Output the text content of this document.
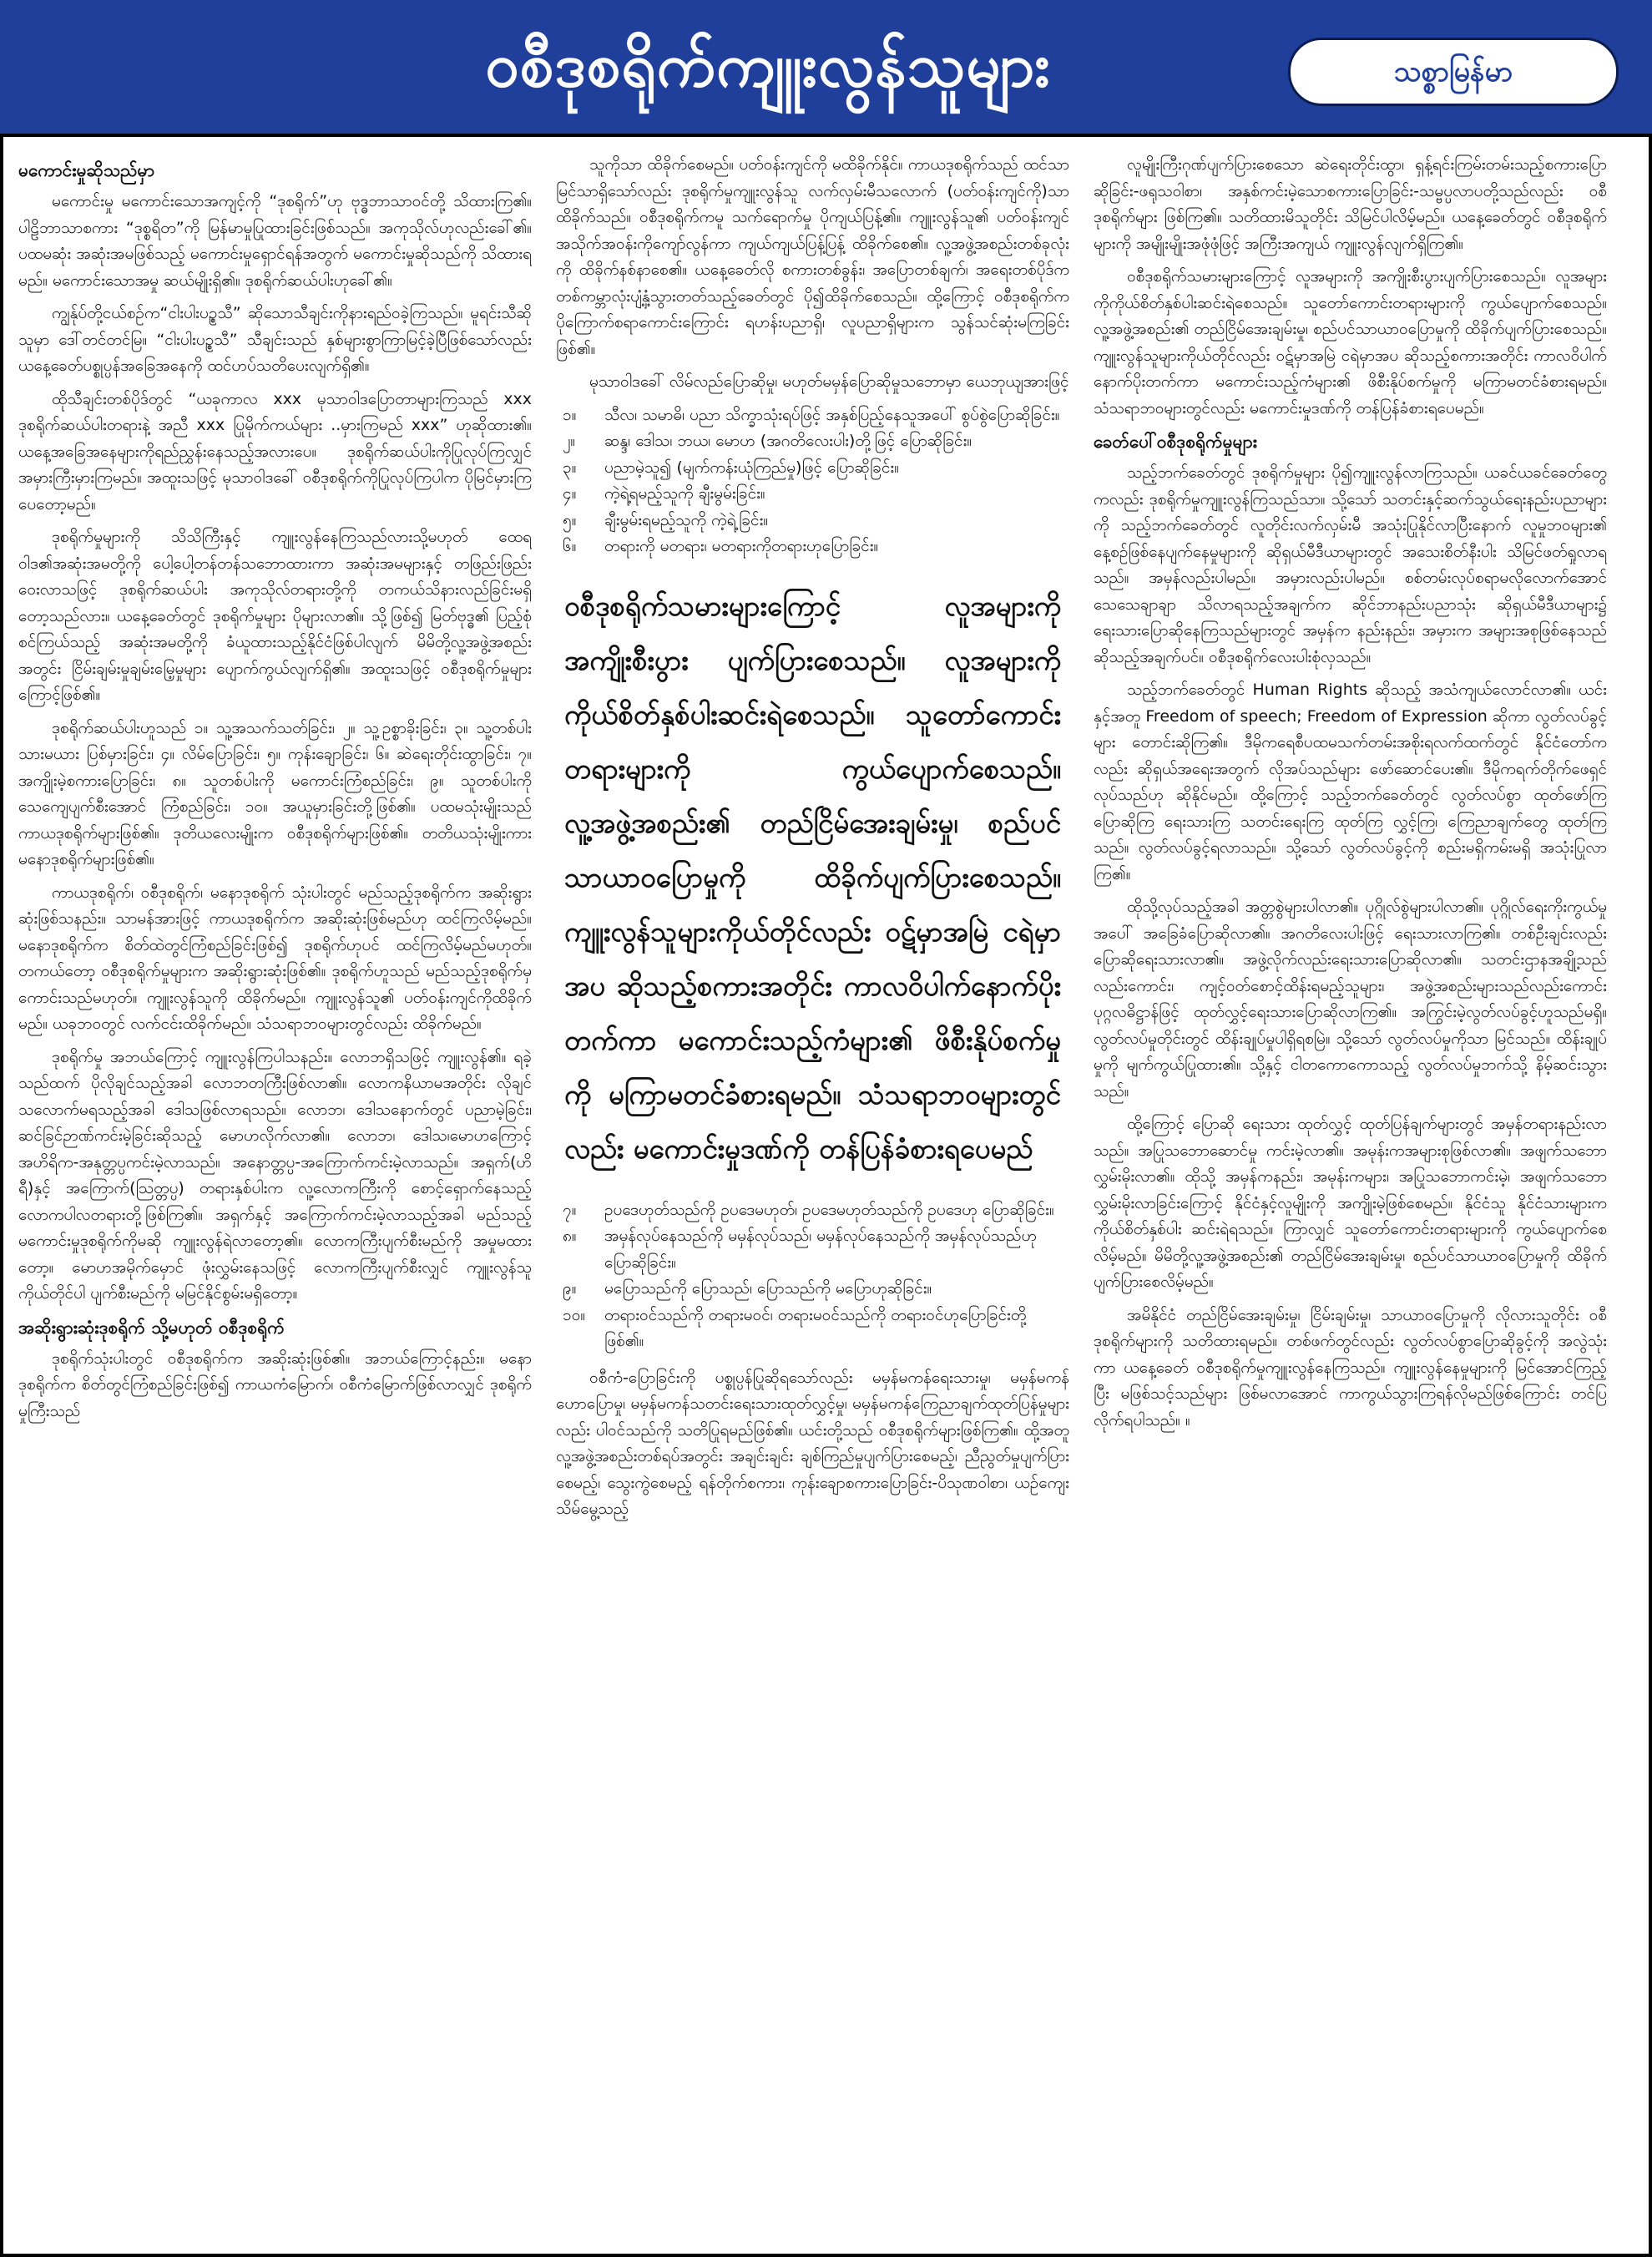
ဝစီဒုစရိုက်ကျူးလွန်သူများ	သစ္စာမြန်မာ
မကောင်းမှုဆိုသည်မှာ

မကောင်းမှု မကောင်းသောအကျင့်ကို “ဒုစရိုက်”ဟု ဗုဒ္ဓဘာသာဝင်တို့ သိထားကြ၏။ ပါဠိဘာသာစကား “ဒုစ္စရိတ”ကို မြန်မာမှုပြုထားခြင်းဖြစ်သည်။ အကုသိုလ်ဟုလည်းခေါ်၏။ ပထမဆုံး အဆုံးအမဖြစ်သည့် မကောင်းမှုရှောင်ရန်အတွက် မကောင်းမှုဆိုသည်ကို သိထားရမည်။ မကောင်းသောအမှု ဆယ်မျိုးရှိ၏။ ဒုစရိုက်ဆယ်ပါးဟုခေါ်၏။

ကျွန်ုပ်တို့ငယ်စဉ်က“ငါးပါးပဥ္စသီ” ဆိုသောသီချင်းကိုနားရည်ဝခဲ့ကြသည်။ မူရင်းသီဆိုသူမှာ ဒေါ်တင်တင်မြ။ “ငါးပါးပဥ္စသီ” သီချင်းသည် နှစ်များစွာကြာမြင့်ခဲ့ပြီဖြစ်သော်လည်း ယနေ့ခေတ်ပစ္စုပ္ပန်အခြေအနေကို ထင်ဟပ်သတိပေးလျက်ရှိ၏။

ထိုသီချင်းတစ်ပိုဒ်တွင် “ယခုကာလ xxx မုသာဝါဒပြောတာများကြသည် xxx ဒုစရိုက်ဆယ်ပါးတရားနဲ့ အညီ xxx ပြုမိုက်ကယ်များ ..မှားကြမည် xxx” ဟုဆိုထား၏။ ယနေ့အခြေအနေများကိုရည်ညွှန်းနေသည့်အလားပေ။ ဒုစရိုက်ဆယ်ပါးကိုပြုလုပ်ကြလျှင် အမှားကြီးမှားကြမည်။ အထူးသဖြင့် မုသာဝါဒခေါ် ဝစီဒုစရိုက်ကိုပြုလုပ်ကြပါက ပိုမြင်မှားကြပေတော့မည်။

ဒုစရိုက်မှုများကို သိသိကြီးနှင့် ကျူးလွန်နေကြသည်လားသို့မဟုတ် ထေရဝါဒ၏အဆုံးအမတို့ကို ပေါ့ပေါ့တန်တန်သဘောထားကာ အဆုံးအမများနှင့် တဖြည်းဖြည်းဝေးလာသဖြင့် ဒုစရိုက်ဆယ်ပါး အကုသိုလ်တရားတို့ကို တကယ်သိနားလည်ခြင်းမရှိတော့သည်လား။ ယနေ့ခေတ်တွင် ဒုစရိုက်မှုများ ပိုများလာ၏။ သို့ဖြစ်၍ မြတ်ဗုဒ္ဓ၏ ပြည့်စုံစင်ကြယ်သည့် အဆုံးအမတို့ကို ခံယူထားသည့်နိုင်ငံဖြစ်ပါလျက် မိမိတို့လူ့အဖွဲ့အစည်းအတွင်း ငြိမ်းချမ်းမှုချမ်းမြေ့မှုများ ပျောက်ကွယ်လျက်ရှိ၏။ အထူးသဖြင့် ဝစီဒုစရိုက်မှုများကြောင့်ဖြစ်၏။

ဒုစရိုက်ဆယ်ပါးဟူသည် ၁။ သူ့အသက်သတ်ခြင်း၊ ၂။ သူ့ဥစ္စာခိုးခြင်း၊ ၃။ သူ့တစ်ပါးသားမယား ပြစ်မှားခြင်း၊ ၄။ လိမ်ပြောခြင်း၊ ၅။ ကုန်းချောခြင်း၊ ၆။ ဆဲရေးတိုင်းထွာခြင်း၊ ၇။ အကျိုးမဲ့စကားပြောခြင်း၊ ၈။ သူတစ်ပါးကို မကောင်းကြံစည်ခြင်း၊ ၉။ သူတစ်ပါးကိုသေကျေပျက်စီးအောင် ကြံစည်ခြင်း၊ ၁၀။ အယူမှားခြင်းတို့ဖြစ်၏။ ပထမသုံးမျိုးသည် ကာယဒုစရိုက်များဖြစ်၏။ ဒုတိယလေးမျိုးက ဝစီဒုစရိုက်များဖြစ်၏။ တတိယသုံးမျိုးကား မနောဒုစရိုက်များဖြစ်၏။

ကာယဒုစရိုက်၊ ဝစီဒုစရိုက်၊ မနောဒုစရိုက် သုံးပါးတွင် မည်သည့်ဒုစရိုက်က အဆိုးရွားဆုံးဖြစ်သနည်း။ သာမန်အားဖြင့် ကာယဒုစရိုက်က အဆိုးဆုံးဖြစ်မည်ဟု ထင်ကြလိမ့်မည်။ မနောဒုစရိုက်က စိတ်ထဲတွင်ကြံစည်ခြင်းဖြစ်၍ ဒုစရိုက်ဟုပင် ထင်ကြလိမ့်မည်မဟုတ်။ တကယ်တော့ ဝစီဒုစရိုက်မှုများက အဆိုးရွားဆုံးဖြစ်၏။ ဒုစရိုက်ဟူသည် မည်သည့်ဒုစရိုက်မှကောင်းသည်မဟုတ်။ ကျူးလွန်သူကို ထိခိုက်မည်။ ကျူးလွန်သူ၏ ပတ်ဝန်းကျင်ကိုထိခိုက်မည်။ ယခုဘဝတွင် လက်ငင်းထိခိုက်မည်။ သံသရာဘဝများတွင်လည်း ထိခိုက်မည်။

ဒုစရိုက်မှု အဘယ်ကြောင့် ကျူးလွန်ကြပါသနည်း။ လောဘရှိသဖြင့် ကျူးလွန်၏။ ရခဲ့သည်ထက် ပိုလိုချင်သည့်အခါ လောဘတကြီးဖြစ်လာ၏။ လောကနိယာမအတိုင်း လိုချင်သလောက်မရသည့်အခါ ဒေါသဖြစ်လာရသည်။ လောဘ၊ ဒေါသနောက်တွင် ပညာမဲ့ခြင်း၊ ဆင်ခြင်ဉာဏ်ကင်းမဲ့ခြင်းဆိုသည့် မောဟလိုက်လာ၏။ လောဘ၊ ဒေါသ၊မောဟကြောင့် အဟိရိက-အနုတ္တပ္ပကင်းမဲ့လာသည်။ အနောတ္တပ္ပ-အကြောက်ကင်းမဲ့လာသည်။ အရှက်(ဟိရီ)နှင့် အကြောက်(ဩတ္တပ္ပ) တရားနှစ်ပါးက လူ့လောကကြီးကို စောင့်ရှောက်နေသည့် လောကပါလတရားတို့ဖြစ်ကြ၏။ အရှက်နှင့် အကြောက်ကင်းမဲ့လာသည့်အခါ မည်သည့်မကောင်းမှုဒုစရိုက်ကိုမဆို ကျူးလွန်ရဲလာတော့၏။ လောကကြီးပျက်စီးမည်ကို အမှုမထားတော့။ မောဟအမိုက်မှောင် ဖုံးလွှမ်းနေသဖြင့် လောကကြီးပျက်စီးလျှင် ကျူးလွန်သူကိုယ်တိုင်ပါ ပျက်စီးမည်ကို မမြင်နိုင်စွမ်းမရှိတော့။

အဆိုးရွားဆုံးဒုစရိုက် သို့မဟုတ် ဝစီဒုစရိုက်

ဒုစရိုက်သုံးပါးတွင် ဝစီဒုစရိုက်က အဆိုးဆုံးဖြစ်၏။ အဘယ်ကြောင့်နည်း။ မနောဒုစရိုက်က စိတ်တွင်ကြံစည်ခြင်းဖြစ်၍ ကာယကံမြောက်၊ ဝစီကံမြောက်ဖြစ်လာလျှင် ဒုစရိုက်မှုကြီးသည်

သူကိုသာ ထိခိုက်စေမည်။ ပတ်ဝန်းကျင်ကို မထိခိုက်နိုင်။ ကာယဒုစရိုက်သည် ထင်သာမြင်သာရှိသော်လည်း ဒုစရိုက်မှုကျူးလွန်သူ လက်လှမ်းမီသလောက် (ပတ်ဝန်းကျင်ကို)သာ ထိခိုက်သည်။ ဝစီဒုစရိုက်ကမူ သက်ရောက်မှု ပိုကျယ်ပြန့်၏။ ကျူးလွန်သူ၏ ပတ်ဝန်းကျင်အသိုက်အဝန်းကိုကျော်လွန်ကာ ကျယ်ကျယ်ပြန့်ပြန့် ထိခိုက်စေ၏။ လူ့အဖွဲ့အစည်းတစ်ခုလုံးကို ထိခိုက်နစ်နာစေ၏။ ယနေ့ခေတ်လို စကားတစ်ခွန်း၊ အပြောတစ်ချက်၊ အရေးတစ်ပိုဒ်က တစ်ကမ္ဘာလုံးပျံ့နှံ့သွားတတ်သည့်ခေတ်တွင် ပို၍ထိခိုက်စေသည်။ ထို့ကြောင့် ဝစီဒုစရိုက်က ပိုကြောက်စရာကောင်းကြောင်း ရဟန်းပညာရှိ၊ လူပညာရှိများက သွန်သင်ဆုံးမကြခြင်းဖြစ်၏။

မုသာဝါဒခေါ် လိမ်လည်ပြောဆိုမှု၊ မဟုတ်မမှန်ပြောဆိုမှုသဘောမှာ ယေဘုယျအားဖြင့်

၁။ သီလ၊ သမာဓိ၊ ပညာ သိက္ခာသုံးရပ်ဖြင့် အနှစ်ပြည့်နေသူအပေါ် စွပ်စွဲပြောဆိုခြင်း။
၂။ ဆန္ဒ၊ ဒေါသ၊ ဘယ၊ မောဟ (အဂတိလေးပါး)တို့ဖြင့် ပြောဆိုခြင်း။
၃။ ပညာမဲ့သူ၍ (မျက်ကန်းယုံကြည်မှု)ဖြင့် ပြောဆိုခြင်း။
၄။ ကဲ့ရဲ့ရမည့်သူကို ချီးမွမ်းခြင်း။
၅။ ချီးမွမ်းရမည့်သူကို ကဲ့ရဲ့ခြင်း။
၆။ တရားကို မတရား၊ မတရားကိုတရားဟုပြောခြင်း။
ဝစီဒုစရိုက်သမားများကြောင့် လူအများကို အကျိုးစီးပွား ပျက်ပြားစေသည်။ လူအများကို ကိုယ်စိတ်နှစ်ပါးဆင်းရဲစေသည်။ သူတော်ကောင်းတရားများကို ကွယ်ပျောက်စေသည်။ လူ့အဖွဲ့အစည်း၏ တည်ငြိမ်အေးချမ်းမှု၊ စည်ပင်သာယာဝပြောမှုကို ထိခိုက်ပျက်ပြားစေသည်။ ကျူးလွန်သူများကိုယ်တိုင်လည်း ဝဋ်မှာအမြဲ ငရဲမှာအပ ဆိုသည့်စကားအတိုင်း ကာလဝိပါက်နောက်ပိုးတက်ကာ မကောင်းသည့်ကံများ၏ ဖိစီးနိုပ်စက်မှုကို မကြာမတင်ခံစားရမည်။ သံသရာဘဝများတွင်လည်း မကောင်းမှုဒဏ်ကို တန်ပြန်ခံစားရပေမည်
၇။ ဥပဒေဟုတ်သည်ကို ဥပဒေမဟုတ်၊ ဥပဒေမဟုတ်သည်ကို ဥပဒေဟု ပြောဆိုခြင်း။
၈။ အမှန်လုပ်နေသည်ကို မမှန်လုပ်သည်၊ မမှန်လုပ်နေသည်ကို အမှန်လုပ်သည်ဟု ပြောဆိုခြင်း။
၉။ မပြောသည်ကို ပြောသည်၊ ပြောသည်ကို မပြောဟုဆိုခြင်း။
၁၀။ တရားဝင်သည်ကို တရားမဝင်၊ တရားမဝင်သည်ကို တရားဝင်ဟုပြောခြင်းတို့ဖြစ်၏။

ဝစီကံ-ပြောခြင်းကို ပစ္စုပ္ပန်ပြုဆိုရသော်လည်း မမှန်မကန်ရေးသားမှု၊ မမှန်မကန်ဟောပြောမှု၊ မမှန်မကန်သတင်းရေးသားထုတ်လွှင့်မှု၊ မမှန်မကန်ကြေညာချက်ထုတ်ပြန်မှုများလည်း ပါဝင်သည်ကို သတိပြုရမည်ဖြစ်၏။ ယင်းတို့သည် ဝစီဒုစရိုက်များဖြစ်ကြ၏။ ထို့အတူ လူ့အဖွဲ့အစည်းတစ်ရပ်အတွင်း အချင်းချင်း ချစ်ကြည်မှုပျက်ပြားစေမည့်၊ ညီညွတ်မှုပျက်ပြားစေမည့်၊ သွေးကွဲစေမည့် ရန်တိုက်စကား၊ ကုန်းချောစကားပြောခြင်း-ပိသုဏဝါစာ၊ ယဉ်ကျေးသိမ်မွေ့သည့်

လူမျိုးကြီးဂုဏ်ပျက်ပြားစေသော ဆဲရေးတိုင်းထွာ၊ ရှန့်ရင်းကြမ်းတမ်းသည့်စကားပြောဆိုခြင်း-ဖရုသဝါစာ၊ အနှစ်ကင်းမဲ့သောစကားပြောခြင်း-သမ္ဗပ္ပလာပတို့သည်လည်း ဝစီဒုစရိုက်များ ဖြစ်ကြ၏။ သတိထားမိသူတိုင်း သိမြင်ပါလိမ့်မည်။ ယနေ့ခေတ်တွင် ဝစီဒုစရိုက်များကို အမျိုးမျိုးအဖုံဖုံဖြင့် အကြီးအကျယ် ကျူးလွန်လျက်ရှိကြ၏။

ဝစီဒုစရိုက်သမားများကြောင့် လူအများကို အကျိုးစီးပွားပျက်ပြားစေသည်။ လူအများကိုကိုယ်စိတ်နှစ်ပါးဆင်းရဲစေသည်။ သူတော်ကောင်းတရားများကို ကွယ်ပျောက်စေသည်။ လူ့အဖွဲ့အစည်း၏ တည်ငြိမ်အေးချမ်းမှု၊ စည်ပင်သာယာဝပြောမှုကို ထိခိုက်ပျက်ပြားစေသည်။ ကျူးလွန်သူများကိုယ်တိုင်လည်း ဝဋ်မှာအမြဲ ငရဲမှာအပ ဆိုသည့်စကားအတိုင်း ကာလဝိပါက်နောက်ပိုးတက်ကာ မကောင်းသည့်ကံများ၏ ဖိစီးနိုပ်စက်မှုကို မကြာမတင်ခံစားရမည်။ သံသရာဘဝများတွင်လည်း မကောင်းမှုဒဏ်ကို တန်ပြန်ခံစားရပေမည်။

ခေတ်ပေါ်ဝစီဒုစရိုက်မှုများ

သည့်ဘက်ခေတ်တွင် ဒုစရိုက်မှုများ ပို၍ကျူးလွန်လာကြသည်။ ယခင်ယခင်ခေတ်တွေကလည်း ဒုစရိုက်မှုကျူးလွန်ကြသည်သာ။ သို့သော် သတင်းနှင့်ဆက်သွယ်ရေးနည်းပညာများကို သည့်ဘက်ခေတ်တွင် လူတိုင်းလက်လှမ်းမီ အသုံးပြုနိုင်လာပြီးနောက် လူမှုဘဝများ၏ နေ့စဉ်ဖြစ်နေပျက်နေမှုများကို ဆိုရှယ်မီဒီယာများတွင် အသေးစိတ်နီးပါး သိမြင်ဖတ်ရှုလာရသည်။ အမှန်လည်းပါမည်။ အမှားလည်းပါမည်။ စစ်တမ်းလုပ်စရာမလိုလောက်အောင် သေသေချာချာ သိလာရသည့်အချက်က ဆိုင်ဘာနည်းပညာသုံး ဆိုရှယ်မီဒီယာများ၌ ရေးသားပြောဆိုနေကြသည်များတွင် အမှန်က နည်းနည်း၊ အမှားက အများအစုဖြစ်နေသည်ဆိုသည့်အချက်ပင်။ ဝစီဒုစရိုက်လေးပါးစုံလှသည်။

သည့်ဘက်ခေတ်တွင် Human Rights ဆိုသည့် အသံကျယ်လောင်လာ၏။ ယင်းနှင့်အတူ Freedom of speech; Freedom of Expression ဆိုကာ လွတ်လပ်ခွင့်များ တောင်းဆိုကြ၏။ ဒီမိုကရေစီပထမသက်တမ်းအစိုးရလက်ထက်တွင် နိုင်ငံတော်ကလည်း ဆိုရှယ်အရေးအတွက် လိုအပ်သည်များ ဖော်ဆောင်ပေး၏။ ဒီမိုကရက်တိုက်ဖေရှင်လုပ်သည်ဟု ဆိုနိုင်မည်။ ထို့ကြောင့် သည့်ဘက်ခေတ်တွင် လွတ်လပ်စွာ ထုတ်ဖော်ကြ ပြောဆိုကြ ရေးသားကြ သတင်းရေးကြ ထုတ်ကြ လွှင့်ကြ၊ ကြေညာချက်တွေ ထုတ်ကြသည်။ လွတ်လပ်ခွင့်ရလာသည်။ သို့သော် လွတ်လပ်ခွင့်ကို စည်းမရှိကမ်းမရှိ အသုံးပြုလာကြ၏။

ထိုသို့လုပ်သည့်အခါ အတ္တစွဲများပါလာ၏။ ပုဂ္ဂိုလ်စွဲများပါလာ၏။ ပုဂ္ဂိုလ်ရေးကိုးကွယ်မှုအပေါ် အခြေခံပြောဆိုလာ၏။ အဂတိလေးပါးဖြင့် ရေးသားလာကြ၏။ တစ်ဦးချင်းလည်း ပြောဆိုရေးသားလာ၏။ အဖွဲ့လိုက်လည်းရေးသားပြောဆိုလာ၏။ သတင်းဌာနအချို့သည်လည်းကောင်း၊ ကျင့်ဝတ်စောင့်ထိန်းရမည့်သူများ၊ အဖွဲ့အစည်းများသည်လည်းကောင်း ပုဂ္ဂလဓိဋ္ဌာန်ဖြင့် ထုတ်လွှင့်ရေးသားပြောဆိုလာကြ၏။ အကြွင်းမဲ့လွတ်လပ်ခွင့်ဟူသည်မရှိ။ လွတ်လပ်မှုတိုင်းတွင် ထိန်းချုပ်မှုပါရှိရစမြဲ။ သို့သော် လွတ်လပ်မှုကိုသာ မြင်သည်။ ထိန်းချုပ်မှုကို မျက်ကွယ်ပြုထား၏။ သို့နှင့် ငါတကောကောသည့် လွတ်လပ်မှုဘက်သို့ နိမ့်ဆင်းသွားသည်။

ထို့ကြောင့် ပြောဆို ရေးသား ထုတ်လွှင့် ထုတ်ပြန်ချက်များတွင် အမှန်တရားနည်းလာသည်။ အပြုသဘောဆောင်မှု ကင်းမဲ့လာ၏။ အမုန်းကအများစုဖြစ်လာ၏။ အဖျက်သဘောလွှမ်းမိုးလာ၏။ ထိုသို့ အမှန်ကနည်း၊ အမုန်းကများ၊ အပြုသဘောကင်းမဲ့၊ အဖျက်သဘော လွှမ်းမိုးလာခြင်းကြောင့် နိုင်ငံနှင့်လူမျိုးကို အကျိုးမဲ့ဖြစ်စေမည်။ နိုင်ငံသူ နိုင်ငံသားများက ကိုယ်စိတ်နှစ်ပါး ဆင်းရဲရသည်။ ကြာလျှင် သူတော်ကောင်းတရားများကို ကွယ်ပျောက်စေလိမ့်မည်။ မိမိတို့လူ့အဖွဲ့အစည်း၏ တည်ငြိမ်အေးချမ်းမှု၊ စည်ပင်သာယာဝပြောမှုကို ထိခိုက်ပျက်ပြားစေလိမ့်မည်။

အမိနိုင်ငံ တည်ငြိမ်အေးချမ်းမှု၊ ငြိမ်းချမ်းမှု၊ သာယာဝပြောမှုကို လိုလားသူတိုင်း ဝစီဒုစရိုက်များကို သတိထားရမည်။ တစ်ဖက်တွင်လည်း လွတ်လပ်စွာပြောဆိုခွင့်ကို အလွဲသုံးကာ ယနေ့ခေတ် ဝစီဒုစရိုက်မှုကျူးလွန်နေကြသည်။ ကျူးလွန်နေမှုများကို မြင်အောင်ကြည့်ပြီး မဖြစ်သင့်သည်များ ဖြစ်မလာအောင် ကာကွယ်သွားကြရန်လိုမည်ဖြစ်ကြောင်း တင်ပြလိုက်ရပါသည်။ ။
